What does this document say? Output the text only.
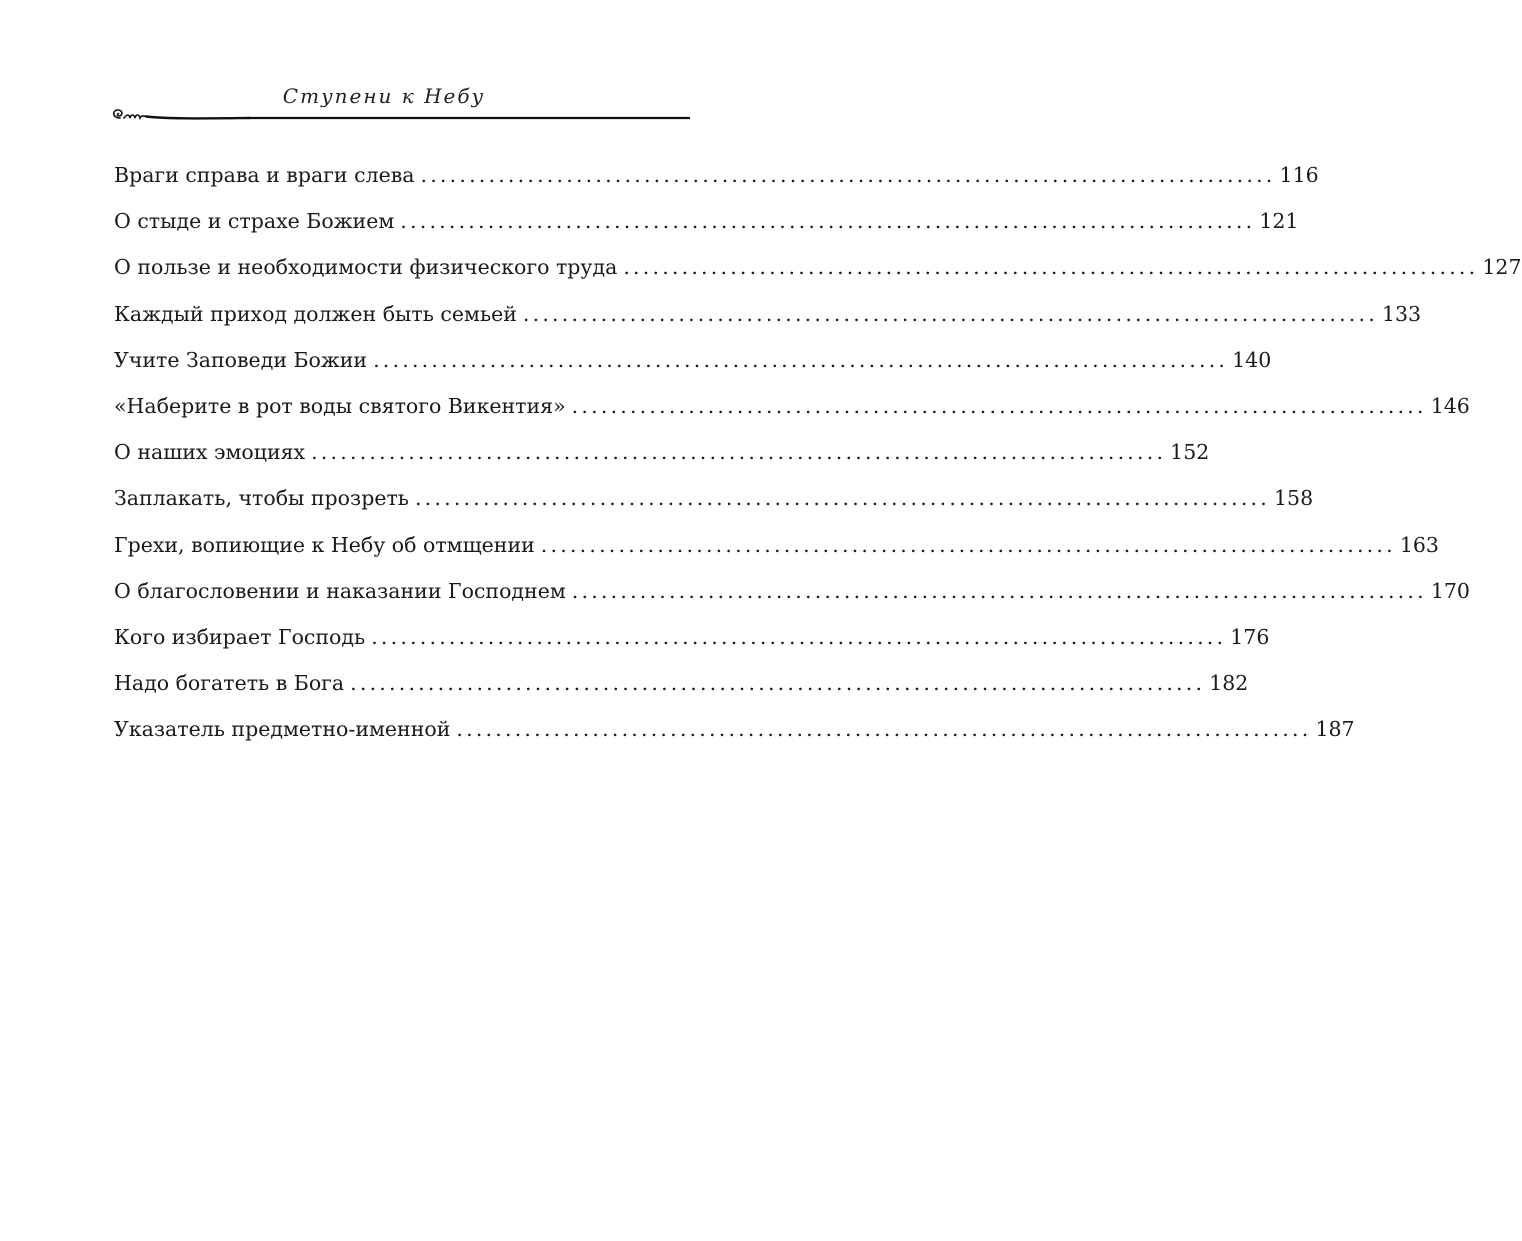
Ступени к Небу
Враги справа и враги слева ........................................................................................ 116
О стыде и страхе Божием ........................................................................................ 121
О пользе и необходимости физического труда ........................................................................................ 127
Каждый приход должен быть семьей ........................................................................................ 133
Учите Заповеди Божии ........................................................................................ 140
«Наберите в рот воды святого Викентия» ........................................................................................ 146
О наших эмоциях ........................................................................................ 152
Заплакать, чтобы прозреть ........................................................................................ 158
Грехи, вопиющие к Небу об отмщении ........................................................................................ 163
О благословении и наказании Господнем ........................................................................................ 170
Кого избирает Господь ........................................................................................ 176
Надо богатеть в Бога ........................................................................................ 182
Указатель предметно-именной ........................................................................................ 187
